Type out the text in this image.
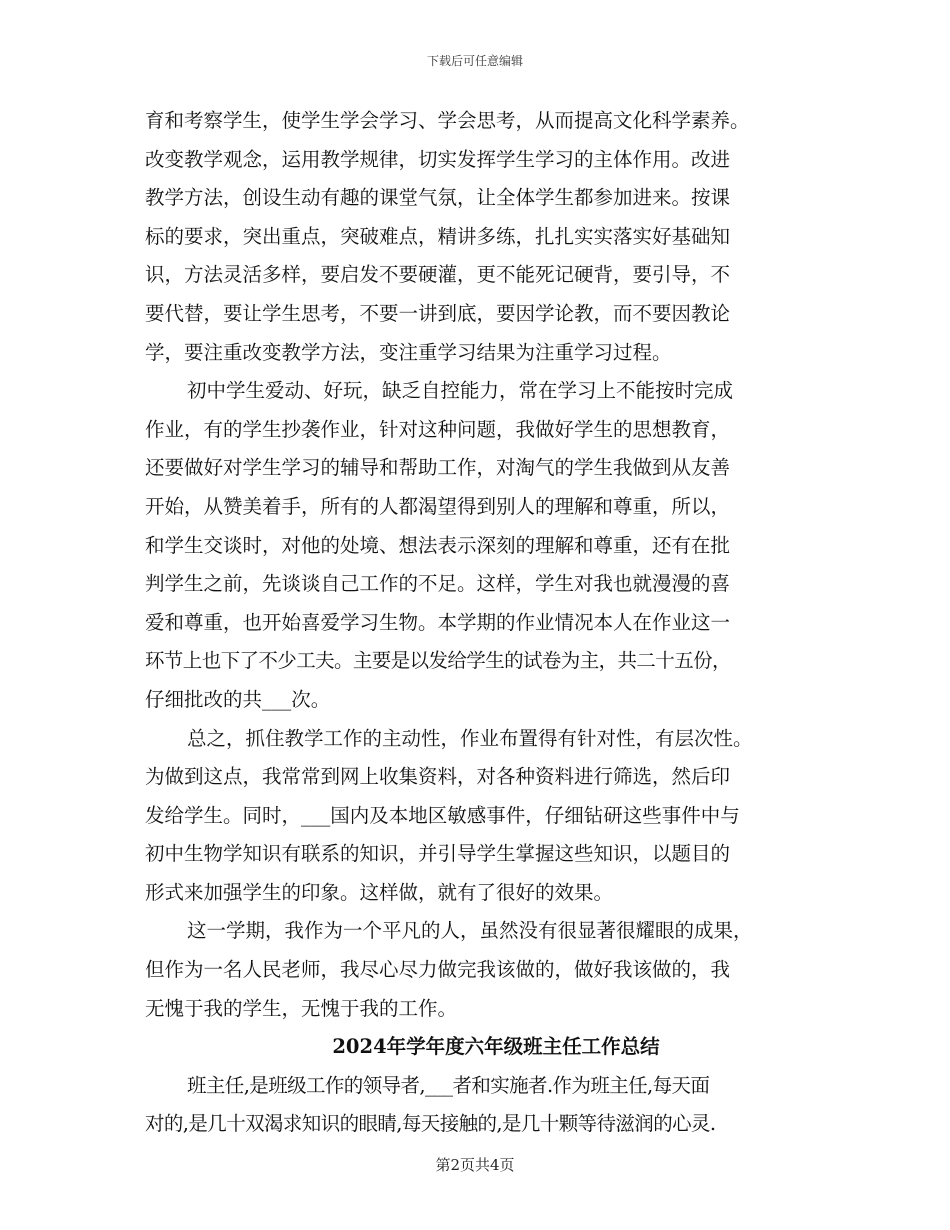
下载后可任意编辑
育和考察学生，使学生学会学习、学会思考，从而提高文化科学素养。
改变教学观念，运用教学规律，切实发挥学生学习的主体作用。改进
教学方法，创设生动有趣的课堂气氛，让全体学生都参加进来。按课
标的要求，突出重点，突破难点，精讲多练，扎扎实实落实好基础知
识，方法灵活多样，要启发不要硬灌，更不能死记硬背，要引导，不
要代替，要让学生思考，不要一讲到底，要因学论教，而不要因教论
学，要注重改变教学方法，变注重学习结果为注重学习过程。
初中学生爱动、好玩，缺乏自控能力，常在学习上不能按时完成
作业，有的学生抄袭作业，针对这种问题，我做好学生的思想教育，
还要做好对学生学习的辅导和帮助工作，对淘气的学生我做到从友善
开始，从赞美着手，所有的人都渴望得到别人的理解和尊重，所以，
和学生交谈时，对他的处境、想法表示深刻的理解和尊重，还有在批
判学生之前，先谈谈自己工作的不足。这样，学生对我也就漫漫的喜
爱和尊重，也开始喜爱学习生物。本学期的作业情况本人在作业这一
环节上也下了不少工夫。主要是以发给学生的试卷为主，共二十五份，
仔细批改的共___次。
总之，抓住教学工作的主动性，作业布置得有针对性，有层次性。
为做到这点，我常常到网上收集资料，对各种资料进行筛选，然后印
发给学生。同时，___国内及本地区敏感事件，仔细钻研这些事件中与
初中生物学知识有联系的知识，并引导学生掌握这些知识，以题目的
形式来加强学生的印象。这样做，就有了很好的效果。
这一学期，我作为一个平凡的人，虽然没有很显著很耀眼的成果，
但作为一名人民老师，我尽心尽力做完我该做的，做好我该做的，我
无愧于我的学生，无愧于我的工作。
2024年学年度六年级班主任工作总结
班主任,是班级工作的领导者,___者和实施者.作为班主任,每天面
对的,是几十双渴求知识的眼睛,每天接触的,是几十颗等待滋润的心灵.
第2页共4页
